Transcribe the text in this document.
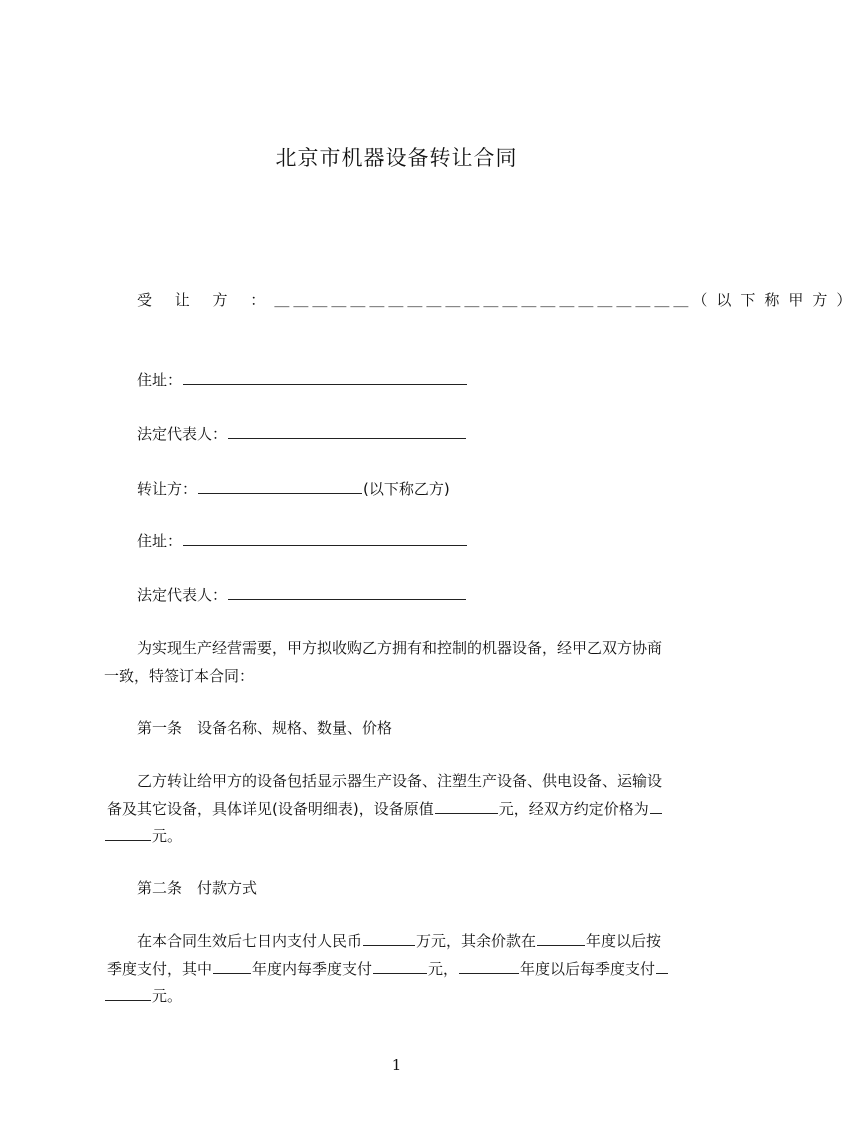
北京市机器设备转让合同
受 让 方 ：＿＿＿＿＿＿＿＿＿＿＿＿＿＿＿＿＿＿＿＿＿＿（以下称甲方）
住址：
法定代表人：
转让方：	(以下称乙方)
住址：
法定代表人：
为实现生产经营需要，甲方拟收购乙方拥有和控制的机器设备，经甲乙双方协商
一致，特签订本合同：
第一条　设备名称、规格、数量、价格
乙方转让给甲方的设备包括显示器生产设备、注塑生产设备、供电设备、运输设
备及其它设备，具体详见(设备明细表)，设备原值	元，经双方约定价格为
元。
第二条　付款方式
在本合同生效后七日内支付人民币	万元，其余价款在	年度以后按
季度支付，其中	年度内每季度支付	元，	年度以后每季度支付
元。
1
